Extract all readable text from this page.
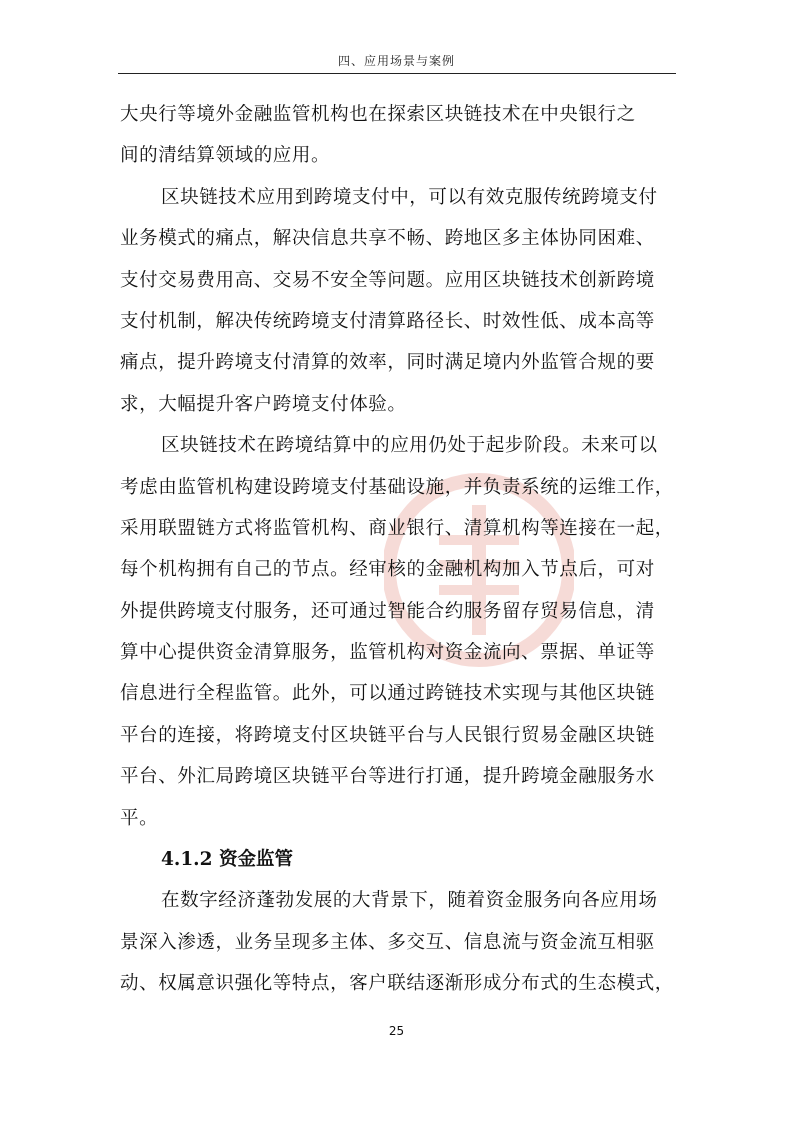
四、应用场景与案例
大央行等境外金融监管机构也在探索区块链技术在中央银行之
间的清结算领域的应用。
区块链技术应用到跨境支付中，可以有效克服传统跨境支付
业务模式的痛点，解决信息共享不畅、跨地区多主体协同困难、
支付交易费用高、交易不安全等问题。应用区块链技术创新跨境
支付机制，解决传统跨境支付清算路径长、时效性低、成本高等
痛点，提升跨境支付清算的效率，同时满足境内外监管合规的要
求，大幅提升客户跨境支付体验。
区块链技术在跨境结算中的应用仍处于起步阶段。未来可以
考虑由监管机构建设跨境支付基础设施，并负责系统的运维工作，
采用联盟链方式将监管机构、商业银行、清算机构等连接在一起，
每个机构拥有自己的节点。经审核的金融机构加入节点后，可对
外提供跨境支付服务，还可通过智能合约服务留存贸易信息，清
算中心提供资金清算服务，监管机构对资金流向、票据、单证等
信息进行全程监管。此外，可以通过跨链技术实现与其他区块链
平台的连接，将跨境支付区块链平台与人民银行贸易金融区块链
平台、外汇局跨境区块链平台等进行打通，提升跨境金融服务水
平。
4.1.2 资金监管
在数字经济蓬勃发展的大背景下，随着资金服务向各应用场
景深入渗透，业务呈现多主体、多交互、信息流与资金流互相驱
动、权属意识强化等特点，客户联结逐渐形成分布式的生态模式，
25
